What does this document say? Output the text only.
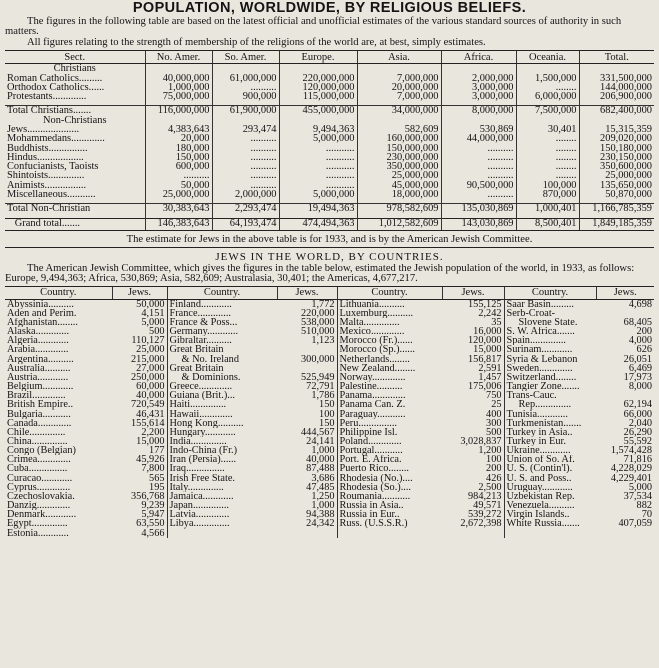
POPULATION, WORLDWIDE, BY RELIGIOUS BELIEFS.

The figures in the following table are based on the latest official and unofficial estimates of the various standard sources of authority in such matters.

All figures relating to the strength of membership of the religions of the world are, at best, simply estimates.

Sect.	No. Amer.	So. Amer.	Europe.	Asia.	Africa.	Oceania.	Total.
Christians							
Roman Catholics.........	40,000,000	61,000,000	220,000,000	7,000,000	2,000,000	1,500,000	331,500,000
Orthodox Catholics......	1,000,000	..........	120,000,000	20,000,000	3,000,000	........	144,000,000
Protestants.............	75,000,000	900,000	115,000,000	7,000,000	3,000,000	6,000,000	206,900,000

Total Christians.......	116,000,000	61,900,000	455,000,000	34,000,000	8,000,000	7,500,000	682,400,000
Non-Christians							
Jews....................	4,383,643	293,474	9,494,363	582,609	530,869	30,401	15,315,359
Mohammedans.............	20,000	..........	5,000,000	160,000,000	44,000,000	........	209,020,000
Buddhists...............	180,000	..........	...........	150,000,000	..........	........	150,180,000
Hindus..................	150,000	..........	...........	230,000,000	..........	........	230,150,000
Confucianists, Taoists	600,000	..........	...........	350,000,000	..........	........	350,600,000
Shintoists..............	..........	..........	...........	25,000,000	..........	........	25,000,000
Animists................	50,000	..........	...........	45,000,000	90,500,000	100,000	135,650,000
Miscellaneous...........	25,000,000	2,000,000	5,000,000	18,000,000	..........	870,000	50,870,000

Total Non-Christian	30,383,643	2,293,474	19,494,363	978,582,609	135,030,869	1,000,401	1,166,785,359

Grand total.......	146,383,643	64,193,474	474,494,363	1,012,582,609	143,030,869	8,500,401	1,849,185,359
The estimate for Jews in the above table is for 1933, and is by the American Jewish Committee.
JEWS IN THE WORLD, BY COUNTRIES.

The American Jewish Committee, which gives the figures in the table below, estimated the Jewish population of the world, in 1933, as follows: Europe, 9,494,363; Africa, 530,869; Asia, 582,609; Australasia, 30,401; the Americas, 4,677,217.

Country.	Jews.	Country.	Jews.	Country.	Jews.	Country.	Jews.
Abyssinia..........	50,000	Finland............	1,772	Lithuania..........	155,125	Saar Basin.........	4,698
Aden and Perim.	4,151	France.............	220,000	Luxemburg..........	2,242	Serb-Croat-	
Afghanistan........	5,000	France & Poss...	538,000	Malta..............	35	Slovene State.	68,405
Alaska.............	500	Germany............	510,000	Mexico.............	16,000	S. W. Africa.......	200
Algeria............	110,127	Gibraltar..........	1,123	Morocco (Fr.)......	120,000	Spain..............	4,000
Arabia.............	25,000	Great Britain		Morocco (Sp.)......	15,000	Surinam............	626
Argentina..........	215,000	& No. Ireland	300,000	Netherlands........	156,817	Syria & Lebanon	26,051
Australia..........	27,000	Great Britain		New Zealand........	2,591	Sweden.............	6,469
Austria............	250,000	& Dominions.	525,949	Norway.............	1,457	Switzerland........	17,973
Belgium............	60,000	Greece.............	72,791	Palestine..........	175,006	Tangier Zone.......	8,000
Brazil.............	40,000	Guiana (Brit.)...	1,786	Panama.............	750	Trans-Cauc.	
British Empire..	720,549	Haiti..............	150	Panama Can. Z.	25	Rep..............	62,194
Bulgaria...........	46,431	Hawaii.............	100	Paraguay...........	400	Tunisia............	66,000
Canada.............	155,614	Hong Kong..........	150	Peru...............	300	Turkmenistan.......	2,040
Chile..............	2,200	Hungary............	444,567	Philippine Isl.	500	Turkey in Asia..	26,290
China..............	15,000	India..............	24,141	Poland.............	3,028,837	Turkey in Eur.	55,592
Congo (Belgian)	177	Indo-China (Fr.)	1,000	Portugal...........	1,200	Ukraine............	1,574,428
Crimea.............	45,926	Iran (Persia)......	40,000	Port. E. Africa.	100	Union of So. Af.	71,816
Cuba...............	7,800	Iraq...............	87,488	Puerto Rico........	200	U. S. (Contin'l).	4,228,029
Curacao............	565	Irish Free State.	3,686	Rhodesia (No.)....	426	U. S. and Poss..	4,229,401
Cyprus.............	195	Italy..............	47,485	Rhodesia (So.)....	2,500	Uruguay............	5,000
Czechoslovakia.	356,768	Jamaica............	1,250	Roumania...........	984,213	Uzbekistan Rep.	37,534
Danzig.............	9,239	Japan..............	1,000	Russia in Asia..	49,571	Venezuela..........	882
Denmark............	5,947	Latvia.............	94,388	Russia in Eur..	539,272	Virgin Islands..	70
Egypt..............	63,550	Libya..............	24,342	Russ. (U.S.S.R.)	2,672,398	White Russia.......	407,059
Estonia............	4,566						
